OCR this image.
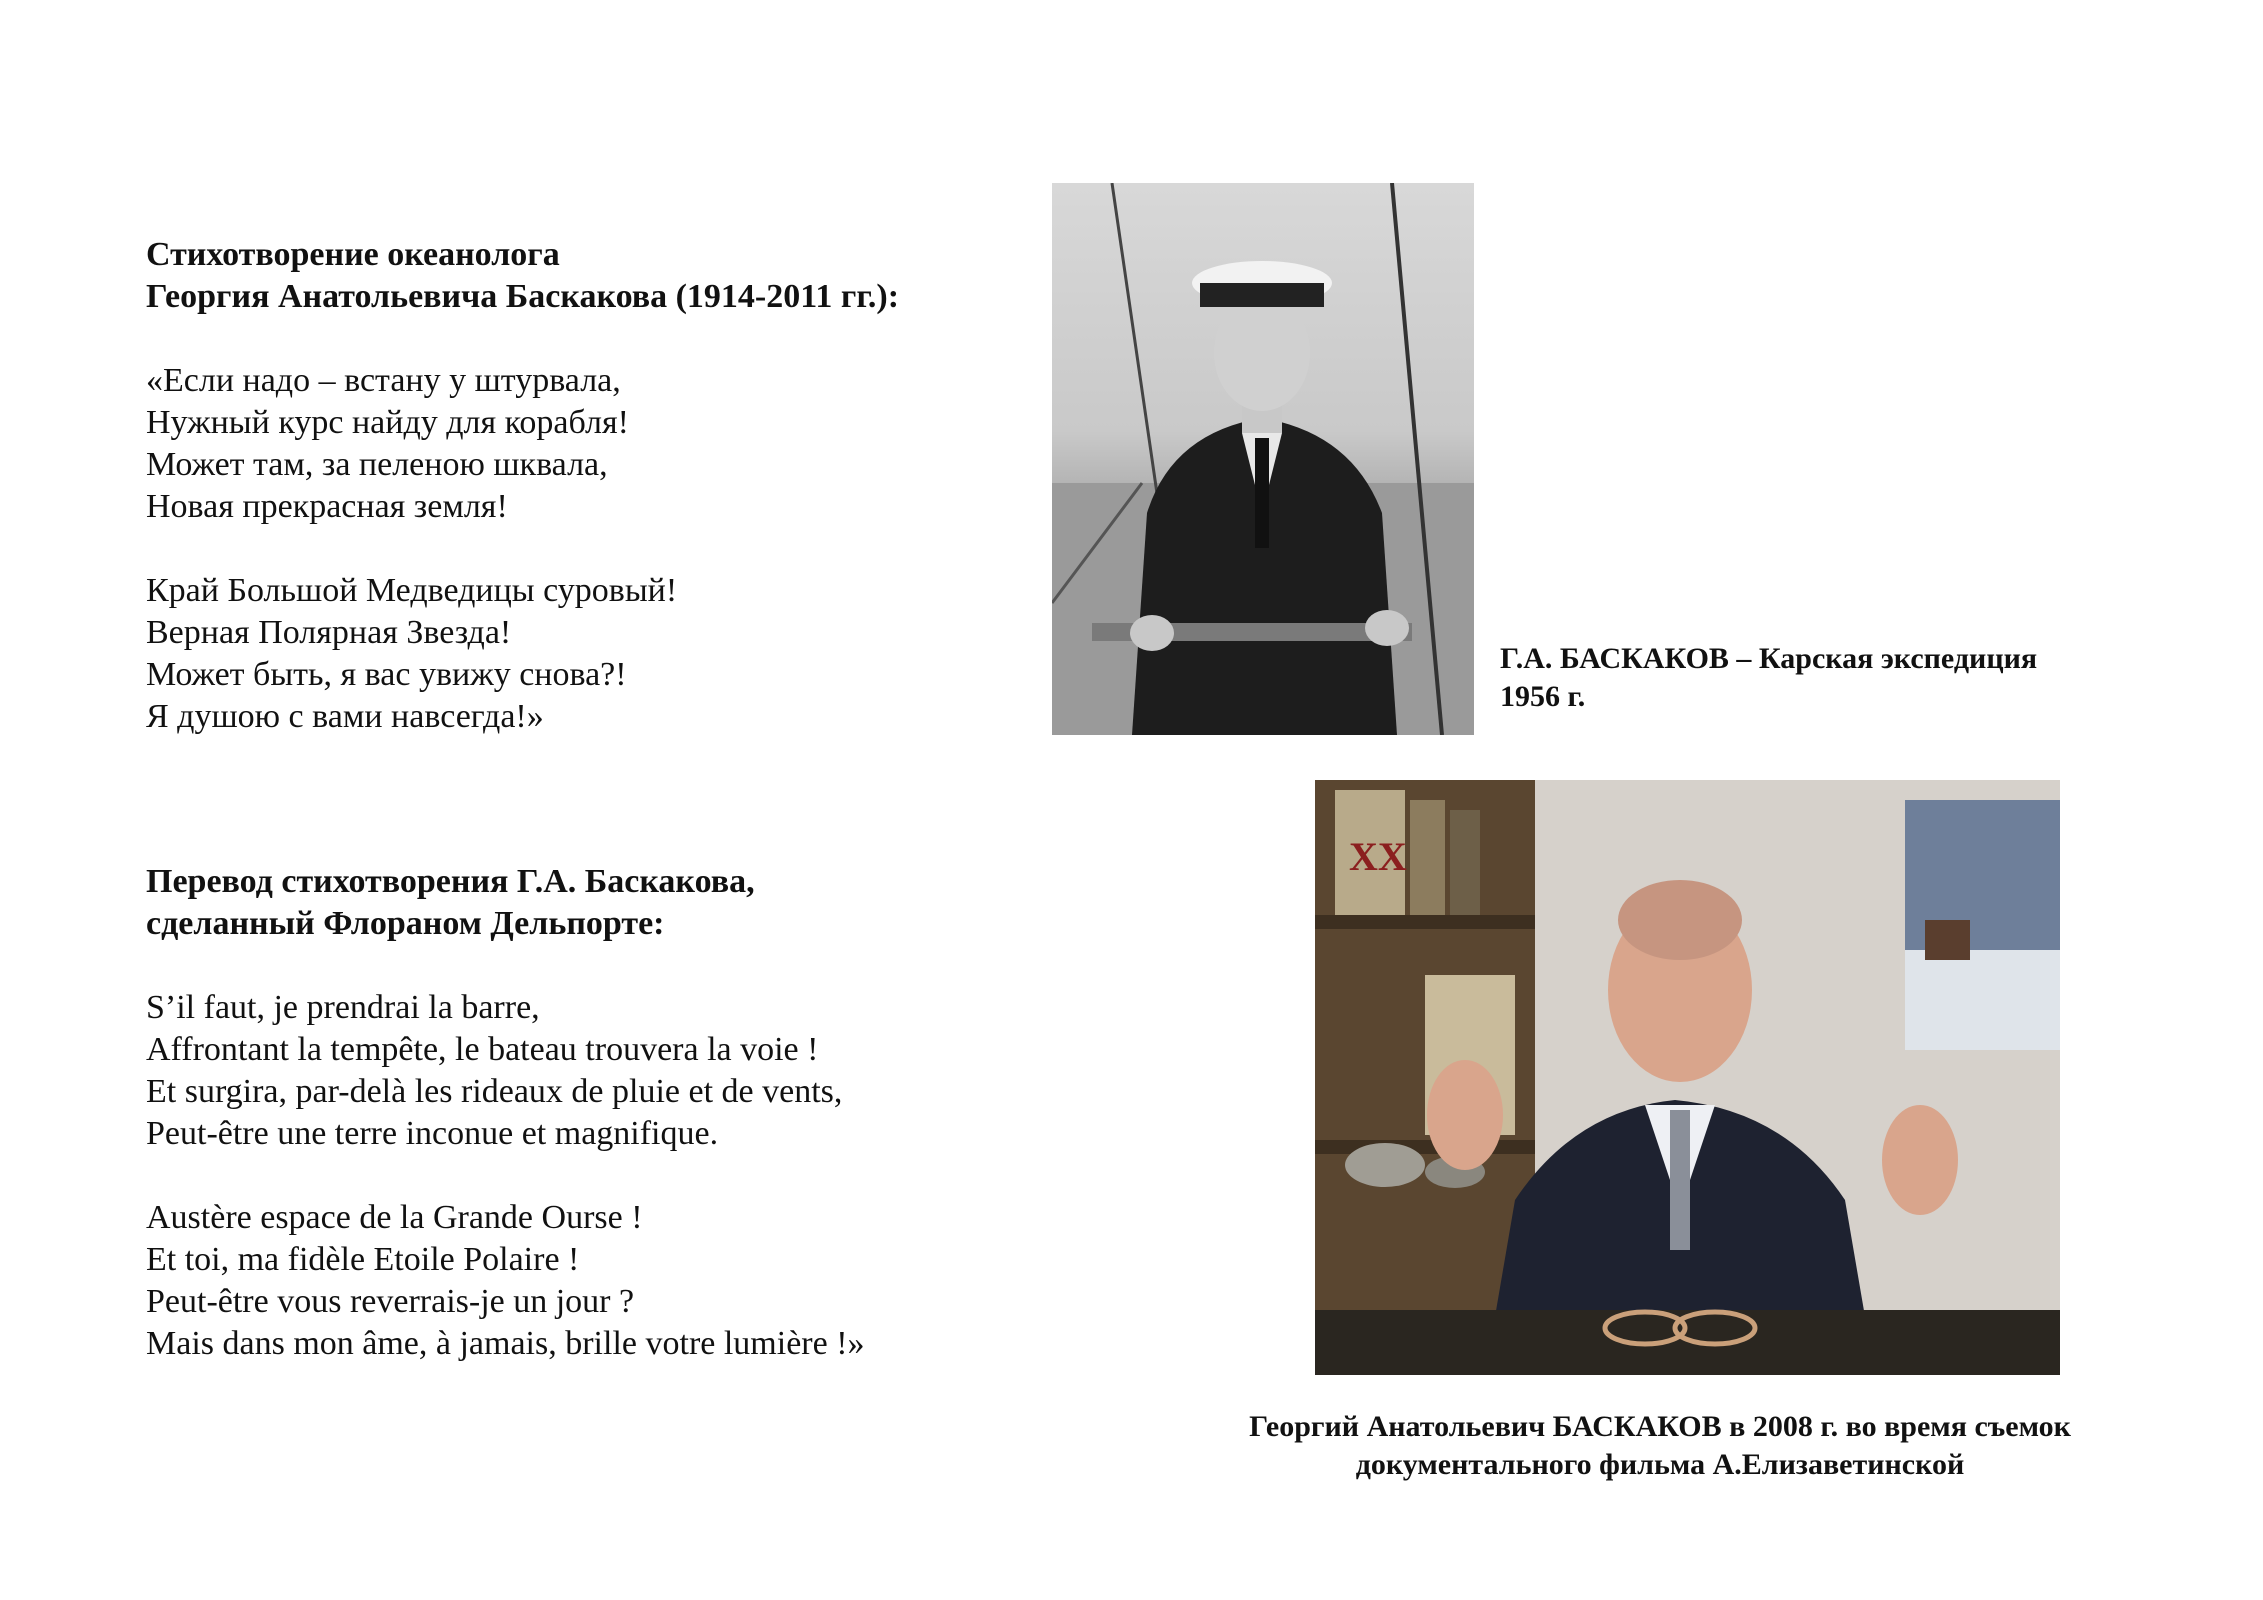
Стихотворение океанолога
Георгия Анатольевича Баскакова (1914-2011 гг.):
«Если надо – встану у штурвала,
Нужный курс найду для корабля!
Может там, за пеленою шквала,
Новая прекрасная земля!
Край Большой Медведицы суровый!
Верная Полярная Звезда!
Может быть, я вас увижу снова?!
Я душою с вами навсегда!»
Перевод стихотворения Г.А. Баскакова,
сделанный Флораном Дельпорте:
S’il faut, je prendrai la barre,
Affrontant la tempête, le bateau trouvera la voie !
Et surgira, par-delà les rideaux de pluie et de vents,
Peut-être une terre inconue et magnifique.
Austère espace de la Grande Ourse !
Et toi, ma fidèle Etoile Polaire !
Peut-être vous reverrais-je un jour ?
Mais dans mon âme, à jamais, brille votre lumière !»
Г.А. БАСКАКОВ – Карская экспедиция
1956 г.
XX
Георгий Анатольевич БАСКАКОВ в 2008 г. во время съемок
документального фильма А.Елизаветинской
